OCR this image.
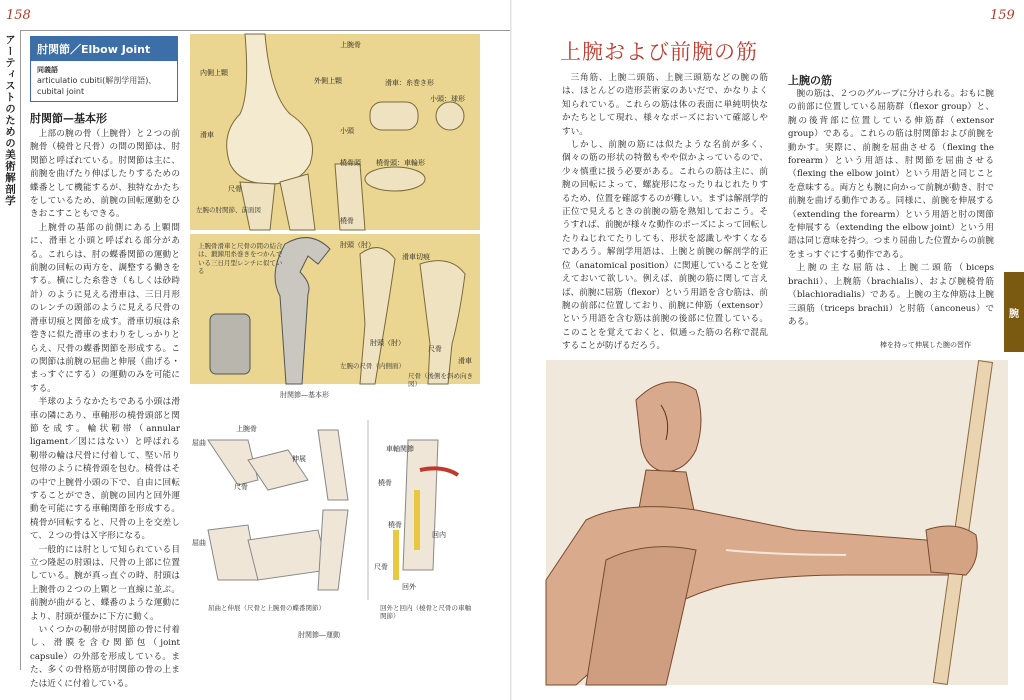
158
アーティストのための美術解剖学	肘関節／Elbow Joint
同義語
articulatio cubiti(解剖学用語)、
cubital joint
肘関節—基本形

上部の腕の骨（上腕骨）と２つの前腕骨（橈骨と尺骨）の間の関節は、肘関節と呼ばれている。肘関節は主に、前腕を曲げたり伸ばしたりするための蝶番として機能するが、独特なかたちをしているため、前腕の回転運動をひきおこすこともできる。

上腕骨の基部の前側にある上顆間に、滑車と小頭と呼ばれる部分がある。これらは、肘の蝶番関節の運動と前腕の回転の両方を、調整する働きをする。横にした糸巻き（もしくは砂時計）のように見える滑車は、三日月形のレンチの頭部のように見える尺骨の滑車切痕と関節を成す。滑車切痕は糸巻きに似た滑車のまわりをしっかりとらえ、尺骨の蝶番関節を形成する。この関節は前腕の屈曲と伸展（曲げる・まっすぐにする）の運動のみを可能にする。

半球のようなかたちである小頭は滑車の隣にあり、車軸形の橈骨頭部と関節を成す。輪状靭帯（annular ligament／図にはない）と呼ばれる靭帯の輪は尺骨に付着して、堅い吊り包帯のように橈骨頭を包む。橈骨はその中で上腕骨小頭の下で、自由に回転することができ、前腕の回内と回外運動を可能にする車軸関節を形成する。橈骨が回転すると、尺骨の上を交差して、２つの骨はＸ字形になる。

一般的には肘として知られている目立つ隆起の肘頭は、尺骨の上部に位置している。腕が真っ直ぐの時、肘頭は上腕骨の２つの上顆と一直線に並ぶ。前腕が曲がると、蝶番のような運動により、肘頭が僅かに下方に動く。

いくつかの靭帯が肘関節の骨に付着し、滑膜を含む関節包（joint capsule）の外部を形成している。また、多くの骨格筋が肘関節の骨の上または近くに付着している。

上腕骨
内側上顆
外側上顆	滑車：糸巻き形
小頭：球形
滑車	小頭
橈骨頭 橈骨頭：車輪形
尺骨
橈骨
左腕の肘関節、前面図
上腕骨滑車と尺骨の間の結合は、鍛錬用糸巻きをつかんでいる三日月型レンチに似ている
肘頭（肘）
滑車切痕
肘頭（肘）
尺骨
滑車
左腕の尺骨（内側面）
尺骨（後側を斜め向き図）
肘関節—基本形
上腕骨
屈曲
尺骨
伸展
屈曲
車軸関節
橈骨
橈骨
回内
尺骨
回外
屈曲と伸展（尺骨と上腕骨の蝶番関節）	回外と回内（橈骨と尺骨の車軸関節）
肘関節—運動
159
上腕および前腕の筋

三角筋、上腕二頭筋、上腕三頭筋などの腕の筋は、ほとんどの造形芸術家のあいだで、かなりよく知られている。これらの筋は体の表面に単純明快なかたちとして現れ、様々なポーズにおいて確認しやすい。

しかし、前腕の筋には似たような名前が多く、個々の筋の形状の特徴もやや似かよっているので、少々慎重に扱う必要がある。これらの筋は主に、前腕の回転によって、螺旋形になったりねじれたりするため、位置を確認するのが難しい。まずは解剖学的正位で見えるときの前腕の筋を熟知しておこう。そうすれば、前腕が様々な動作のポーズによって回転したりねじれてたりしても、形状を認識しやすくなるであろう。解剖学用語は、上腕と前腕の解剖学的正位（anatomical position）に関連していることを覚えておいて欲しい。例えば、前腕の筋に関して言えば、前腕に屈筋（flexor）という用語を含む筋は、前腕の前部に位置しており、前腕に伸筋（extensor）という用語を含む筋は前腕の後部に位置している。このことを覚えておくと、似通った筋の名称で混乱することが防げるだろう。

上腕の筋

腕の筋は、２つのグループに分けられる。おもに腕の前部に位置している屈筋群（flexor group）と、腕の後背部に位置している伸筋群（extensor group）である。これらの筋は肘関節および前腕を動かす。実際に、前腕を屈曲させる（flexing the forearm）という用語は、肘関節を屈曲させる（flexing the elbow joint）という用語と同じことを意味する。両方とも腕に向かって前腕が動き、肘で前腕を曲げる動作である。同様に、前腕を伸展する（extending the forearm）という用語と肘の関節を伸展する（extending the elbow joint）という用語は同じ意味を持つ。つまり屈曲した位置からの前腕をまっすぐにする動作である。

上腕の主な屈筋は、上腕二頭筋（biceps brachii）、上腕筋（brachialis）、および腕橈骨筋（blachioradialis）である。上腕の主な伸筋は上腕三頭筋（triceps brachii）と肘筋（anconeus）である。

腕
棒を持って伸展した腕の習作
